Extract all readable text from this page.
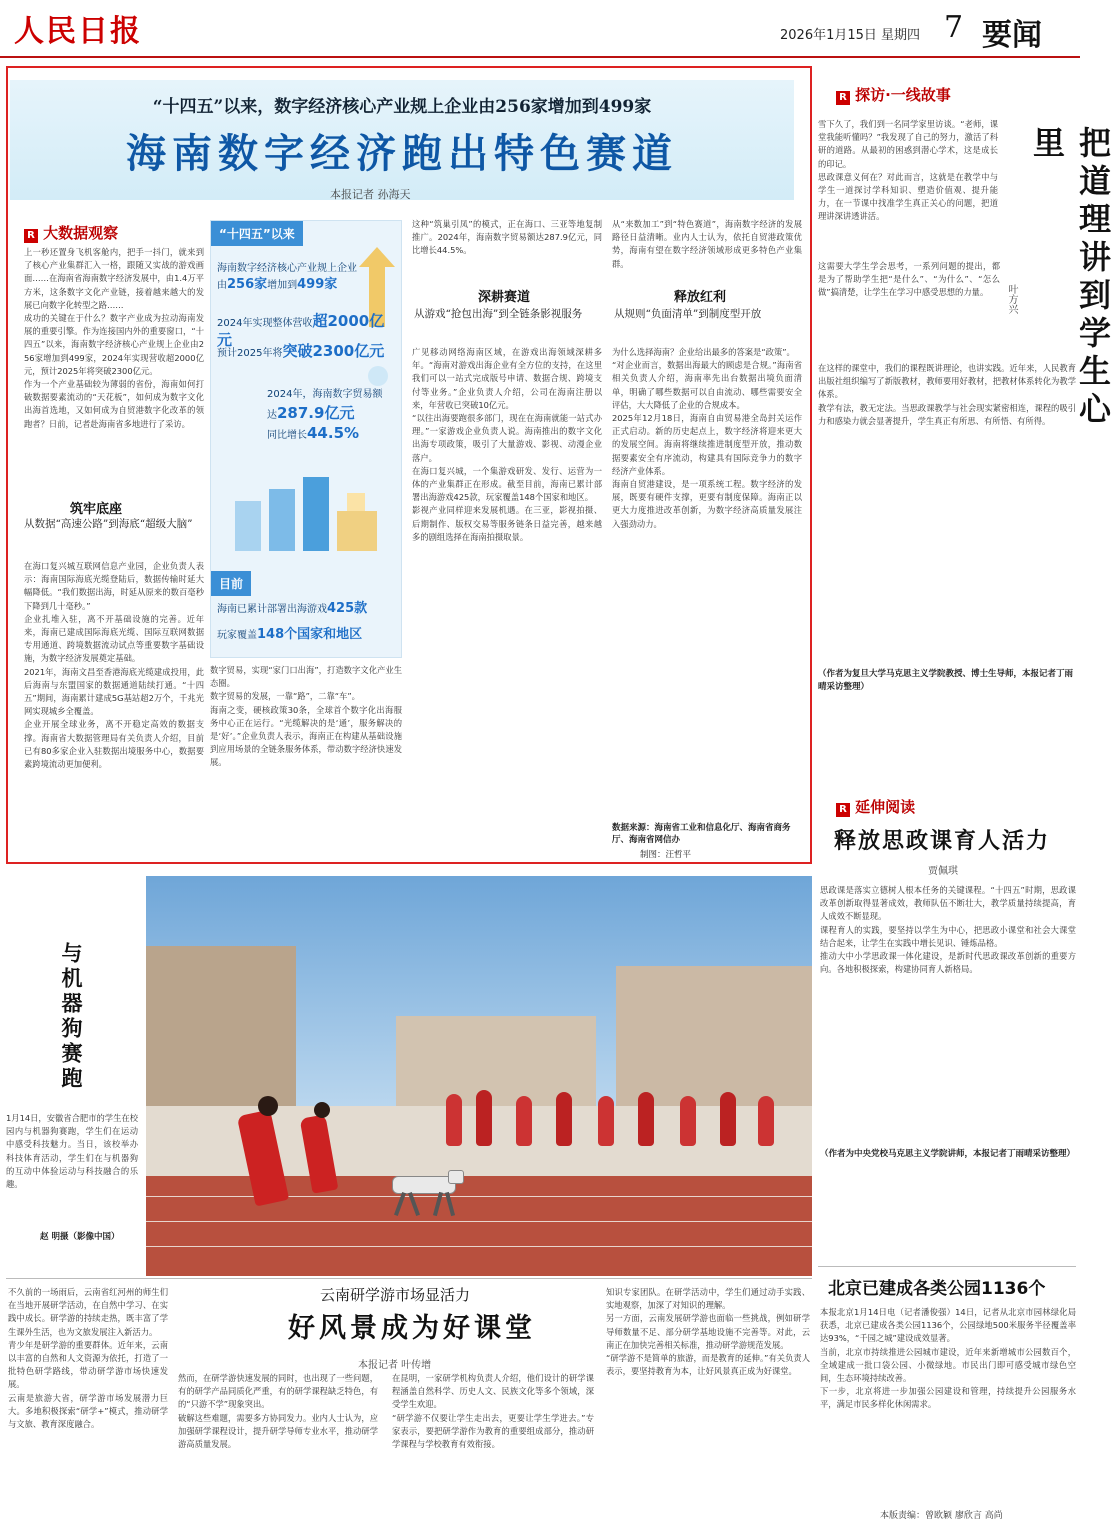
人民日报	2026年1月15日 星期四 7 要闻
“十四五”以来，数字经济核心产业规上企业由256家增加到499家
海南数字经济跑出特色赛道
本报记者 孙海天
R 大数据观察

上一秒还置身飞机客舱内，把手一抖门，就来到了核心产业集群汇入一格，跟随又实战的游戏画面……在海南省海南数字经济发展中，由1.4万平方米，这条数字文化产业链，接着越来越大的发展已向数字化转型之路……

成功的关键在于什么？数字产业成为拉动海南发展的重要引擎。作为连接国内外的重要窗口，“十四五”以来，海南数字经济核心产业规上企业由256家增加到499家，2024年实现营收超2000亿元，预计2025年将突破2300亿元。

作为一个产业基础较为薄弱的省份，海南如何打破数据要素流动的“天花板”，如何成为数字文化出海首选地，又如何成为自贸港数字化改革的领跑者？日前，记者赴海南省多地进行了采访。

筑牢底座
从数据“高速公路”到海底“超级大脑”

在海口复兴城互联网信息产业园，企业负责人表示：海南国际海底光缆登陆后，数据传输时延大幅降低。“我们数据出海，时延从原来的数百毫秒下降到几十毫秒。”

企业扎堆入驻，离不开基础设施的完善。近年来，海南已建成国际海底光缆、国际互联网数据专用通道、跨境数据流动试点等重要数字基础设施，为数字经济发展奠定基础。

2021年，海南文昌至香港海底光缆建成投用，此后海南与东盟国家的数据通道陆续打通。“十四五”期间，海南累计建成5G基站超2万个，千兆光网实现城乡全覆盖。

企业开展全球业务，离不开稳定高效的数据支撑。海南省大数据管理局有关负责人介绍，目前已有80多家企业入驻数据出境服务中心，数据要素跨境流动更加便利。

“十四五”以来
海南数字经济核心产业规上企业
由256家增加到499家
2024年实现整体营收超2000亿元
预计2025年将突破2300亿元
2024年，海南数字贸易额
达287.9亿元
同比增长44.5%
目前
海南已累计部署出海游戏425款
玩家覆盖148个国家和地区

数字贸易，实现“家门口出海”，打造数字文化产业生态圈。

数字贸易的发展，一靠“路”，二靠“车”。

海南之变，硬核政策30条，全球首个数字化出海服务中心正在运行。“光缆解决的是‘通’，服务解决的是‘好’。”企业负责人表示，海南正在构建从基础设施到应用场景的全链条服务体系，带动数字经济快速发展。

这种“筑巢引凤”的模式，正在海口、三亚等地复制推广。2024年，海南数字贸易额达287.9亿元，同比增长44.5%。

深耕赛道
从游戏“抢包出海”到全链条影视服务

广见移动网络海南区域，在游戏出海领域深耕多年。“海南对游戏出海企业有全方位的支持，在这里我们可以一站式完成版号申请、数据合规、跨境支付等业务。”企业负责人介绍，公司在海南注册以来，年营收已突破10亿元。

“以往出海要跑很多部门，现在在海南就能一站式办理。”一家游戏企业负责人说。海南推出的数字文化出海专项政策，吸引了大量游戏、影视、动漫企业落户。

在海口复兴城，一个集游戏研发、发行、运营为一体的产业集群正在形成。截至目前，海南已累计部署出海游戏425款，玩家覆盖148个国家和地区。

影视产业同样迎来发展机遇。在三亚，影视拍摄、后期制作、版权交易等服务链条日益完善，越来越多的剧组选择在海南拍摄取景。

从“来数加工”到“特色赛道”，海南数字经济的发展路径日益清晰。业内人士认为，依托自贸港政策优势，海南有望在数字经济领域形成更多特色产业集群。

释放红利
从规则“负面清单”到制度型开放

为什么选择海南？企业给出最多的答案是“政策”。

“对企业而言，数据出海最大的顾虑是合规。”海南省相关负责人介绍，海南率先出台数据出境负面清单，明确了哪些数据可以自由流动、哪些需要安全评估，大大降低了企业的合规成本。

2025年12月18日，海南自由贸易港全岛封关运作正式启动。新的历史起点上，数字经济将迎来更大的发展空间。海南将继续推进制度型开放，推动数据要素安全有序流动，构建具有国际竞争力的数字经济产业体系。

海南自贸港建设，是一项系统工程。数字经济的发展，既要有硬件支撑，更要有制度保障。海南正以更大力度推进改革创新，为数字经济高质量发展注入强劲动力。

数据来源：海南省工业和信息化厅、海南省商务厅、海南省网信办
制图：汪哲平
R 探访·一线故事
把道理讲到学生心里
叶方兴

雪下久了，我们到一名同学家里访谈。“老师，课堂我能听懂吗？”我发现了自己的努力，激活了科研的道路。从最初的困惑到潜心学术，这是成长的印记。

思政课意义何在？对此而言，这就是在教学中与学生一道探讨学科知识、塑造价值观、提升能力，在一节课中找准学生真正关心的问题，把道理讲深讲透讲活。

这需要大学生学会思考，一系列问题的提出，都是为了帮助学生把“是什么”、“为什么”、“怎么做”搞清楚，让学生在学习中感受思想的力量。

在这样的课堂中，我们的课程既讲理论，也讲实践。近年来，人民教育出版社组织编写了新版教材，教师要用好教材，把教材体系转化为教学体系。

教学有法，教无定法。当思政课教学与社会现实紧密相连，课程的吸引力和感染力就会显著提升，学生真正有所思、有所悟、有所得。

（作者为复旦大学马克思主义学院教授、博士生导师，本报记者丁雨晴采访整理）
R 延伸阅读
释放思政课育人活力
贾佩琪

思政课是落实立德树人根本任务的关键课程。“十四五”时期，思政课改革创新取得显著成效，教师队伍不断壮大，教学质量持续提高，育人成效不断显现。

课程育人的实践，要坚持以学生为中心，把思政小课堂和社会大课堂结合起来，让学生在实践中增长见识、锤炼品格。

推动大中小学思政课一体化建设，是新时代思政课改革创新的重要方向。各地积极探索，构建协同育人新格局。

（作者为中央党校马克思主义学院讲师，本报记者丁雨晴采访整理）
北京已建成各类公园1136个

本报北京1月14日电（记者潘俊强）14日，记者从北京市园林绿化局获悉，北京已建成各类公园1136个，公园绿地500米服务半径覆盖率达93%，“千园之城”建设成效显著。

当前，北京市持续推进公园城市建设，近年来新增城市公园数百个，全域建成一批口袋公园、小微绿地。市民出门即可感受城市绿色空间，生态环境持续改善。

下一步，北京将进一步加强公园建设和管理，持续提升公园服务水平，满足市民多样化休闲需求。

本版责编：曾欧颖 廖欣言 高尚
与机器狗赛跑
1月14日，安徽省合肥市的学生在校园内与机器狗赛跑，学生们在运动中感受科技魅力。当日，该校举办科技体育活动，学生们在与机器狗的互动中体验运动与科技融合的乐趣。
赵 明摄（影像中国）

不久前的一场雨后，云南省红河州的师生们在当地开展研学活动，在自然中学习、在实践中成长。研学游的持续走热，既丰富了学生课外生活，也为文旅发展注入新活力。

青少年是研学游的重要群体。近年来，云南以丰富的自然和人文资源为依托，打造了一批特色研学路线，带动研学游市场快速发展。

云南是旅游大省，研学游市场发展潜力巨大。多地积极探索“研学+”模式，推动研学与文旅、教育深度融合。

云南研学游市场显活力
好风景成为好课堂
本报记者 叶传增

然而，在研学游快速发展的同时，也出现了一些问题，有的研学产品同质化严重，有的研学课程缺乏特色，有的“只游不学”现象突出。

破解这些难题，需要多方协同发力。业内人士认为，应加强研学课程设计，提升研学导师专业水平，推动研学游高质量发展。

在昆明，一家研学机构负责人介绍，他们设计的研学课程涵盖自然科学、历史人文、民族文化等多个领域，深受学生欢迎。

“研学游不仅要让学生走出去，更要让学生学进去。”专家表示，要把研学游作为教育的重要组成部分，推动研学课程与学校教育有效衔接。

知识专家团队。在研学活动中，学生们通过动手实践、实地观察，加深了对知识的理解。

另一方面，云南发展研学游也面临一些挑战，例如研学导师数量不足、部分研学基地设施不完善等。对此，云南正在加快完善相关标准，推动研学游规范发展。

“研学游不是简单的旅游，而是教育的延伸。”有关负责人表示，要坚持教育为本，让好风景真正成为好课堂。
